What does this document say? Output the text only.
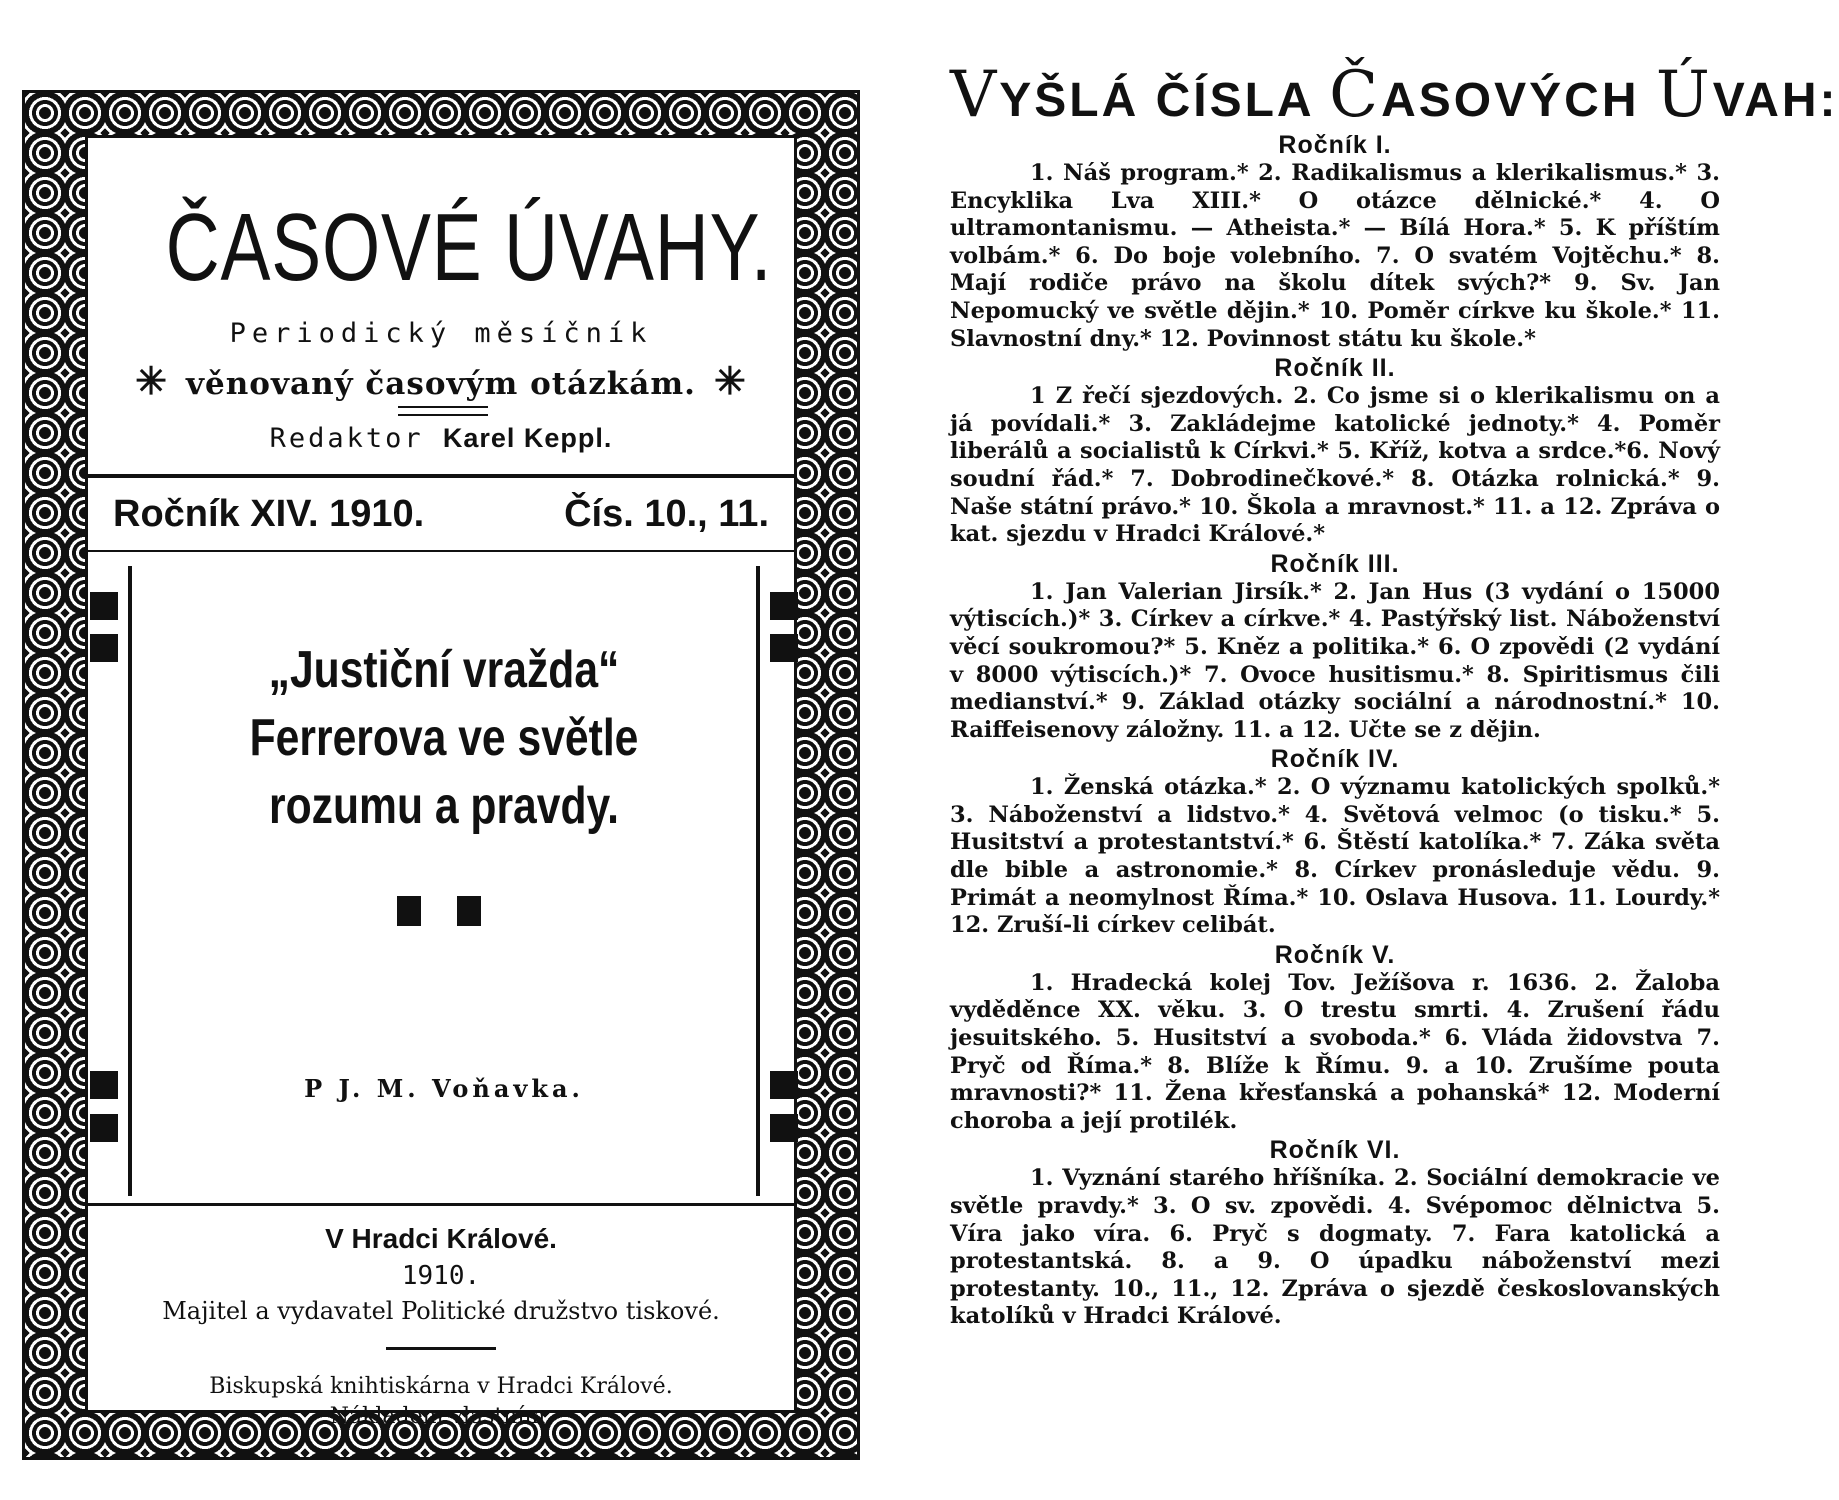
ČASOVÉ ÚVAHY.
Periodický měsíčník
✳ věnovaný časovým otázkám. ✳
Redaktor Karel Keppl.
Ročník XIV. 1910.	Čís. 10., 11.
„Justiční vražda“
Ferrerova ve světle
rozumu a pravdy.
P J. M. Voňavka.
V Hradci Králové.
1910.
Majitel a vydavatel Politické družstvo tiskové.
Biskupská knihtiskárna v Hradci Králové.
Nákladem vlastním.
VYŠLÁ ČÍSLA ČASOVÝCH ÚVAH:
Ročník I.
1. Náš program.* 2. Radikalismus a klerikalismus.* 3. Encyklika Lva XIII.* O otázce dělnické.* 4. O ultramontanismu. — Atheista.* — Bílá Hora.* 5. K příštím volbám.* 6. Do boje volebního. 7. O svatém Vojtěchu.* 8. Mají rodiče právo na školu dítek svých?* 9. Sv. Jan Nepomucký ve světle dějin.* 10. Poměr církve ku škole.* 11. Slavnostní dny.* 12. Povinnost státu ku škole.*
Ročník II.
1 Z řečí sjezdových. 2. Co jsme si o klerikalismu on a já povídali.* 3. Zakládejme katolické jednoty.* 4. Poměr liberálů a socialistů k Církvi.* 5. Kříž, kotva a srdce.*6. Nový soudní řád.* 7. Dobrodinečkové.* 8. Otázka rolnická.* 9. Naše státní právo.* 10. Škola a mravnost.* 11. a 12. Zpráva o kat. sjezdu v Hradci Králové.*
Ročník III.
1. Jan Valerian Jirsík.* 2. Jan Hus (3 vydání o 15000 výtiscích.)* 3. Církev a církve.* 4. Pastýřský list. Náboženství věcí soukromou?* 5. Kněz a politika.* 6. O zpovědi (2 vydání v 8000 výtiscích.)* 7. Ovoce husitismu.* 8. Spiritismus čili medianství.* 9. Základ otázky sociální a národnostní.* 10. Raiffeisenovy záložny. 11. a 12. Učte se z dějin.
Ročník IV.
1. Ženská otázka.* 2. O významu katolických spolků.* 3. Náboženství a lidstvo.* 4. Světová velmoc (o tisku.* 5. Husitství a protestantství.* 6. Štěstí katolíka.* 7. Záka světa dle bible a astronomie.* 8. Církev pronásleduje vědu. 9. Primát a neomylnost Říma.* 10. Oslava Husova. 11. Lourdy.* 12. Zruší-li církev celibát.
Ročník V.
1. Hradecká kolej Tov. Ježíšova r. 1636. 2. Žaloba vyděděnce XX. věku. 3. O trestu smrti. 4. Zrušení řádu jesuitského. 5. Husitství a svoboda.* 6. Vláda židovstva 7. Pryč od Říma.* 8. Blíže k Římu. 9. a 10. Zrušíme pouta mravnosti?* 11. Žena křesťanská a pohanská* 12. Moderní choroba a její protilék.
Ročník VI.
1. Vyznání starého hříšníka. 2. Sociální demokracie ve světle pravdy.* 3. O sv. zpovědi. 4. Svépomoc dělnictva 5. Víra jako víra. 6. Pryč s dogmaty. 7. Fara katolická a protestantská. 8. a 9. O úpadku náboženství mezi protestanty. 10., 11., 12. Zpráva o sjezdě českoslovanských katolíků v Hradci Králové.
